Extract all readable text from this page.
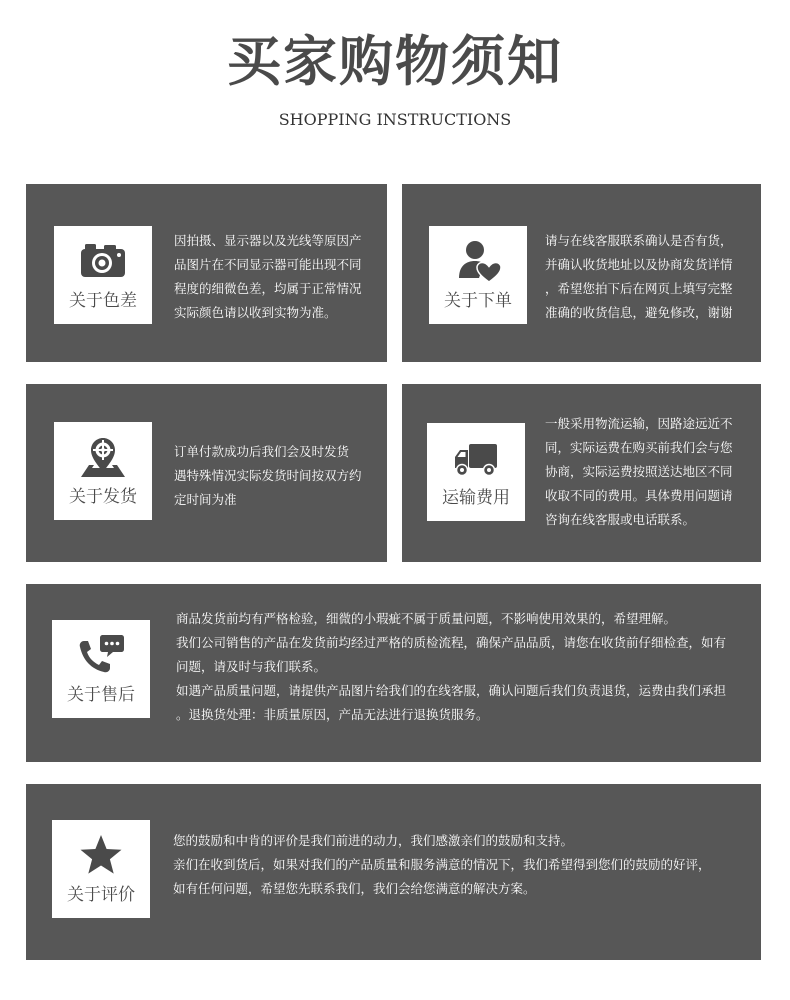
买家购物须知
SHOPPING INSTRUCTIONS
关于色差

因拍摄、显示器以及光线等原因产

品图片在不同显示器可能出现不同

程度的细微色差，均属于正常情况

实际颜色请以收到实物为准。

关于下单

请与在线客服联系确认是否有货，

并确认收货地址以及协商发货详情

，希望您拍下后在网页上填写完整

准确的收货信息，避免修改，谢谢

关于发货

订单付款成功后我们会及时发货

遇特殊情况实际发货时间按双方约

定时间为准	运输费用

一般采用物流运输，因路途远近不

同，实际运费在购买前我们会与您

协商，实际运费按照送达地区不同

收取不同的费用。具体费用问题请

咨询在线客服或电话联系。

关于售后

商品发货前均有严格检验，细微的小瑕疵不属于质量问题，不影响使用效果的，希望理解。

我们公司销售的产品在发货前均经过严格的质检流程，确保产品品质，请您在收货前仔细检查，如有

问题，请及时与我们联系。

如遇产品质量问题，请提供产品图片给我们的在线客服，确认问题后我们负责退货，运费由我们承担

。退换货处理：非质量原因，产品无法进行退换货服务。

关于评价

您的鼓励和中肯的评价是我们前进的动力，我们感激亲们的鼓励和支持。

亲们在收到货后，如果对我们的产品质量和服务满意的情况下，我们希望得到您们的鼓励的好评，

如有任何问题，希望您先联系我们，我们会给您满意的解决方案。
